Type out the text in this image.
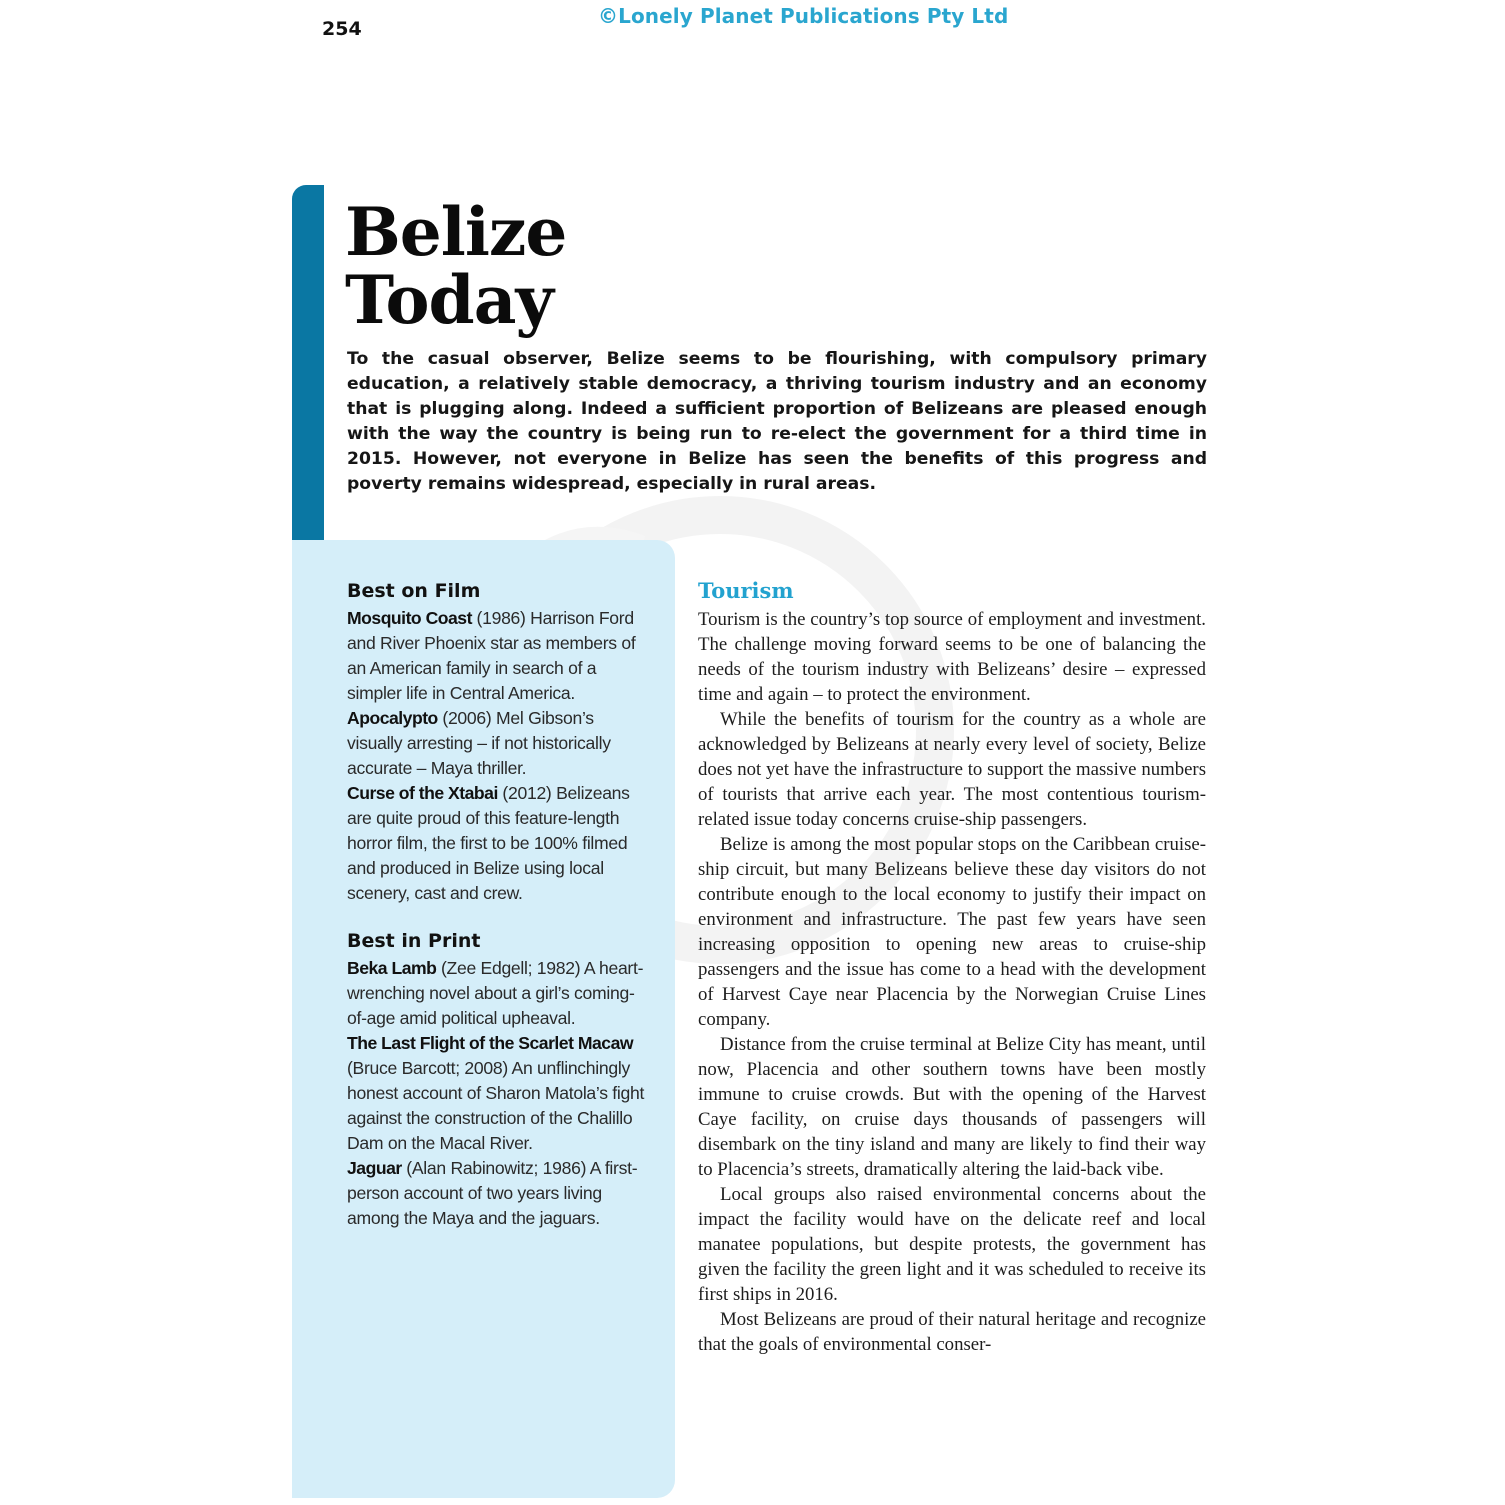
254
©Lonely Planet Publications Pty Ltd
Belize
Today

To the casual observer, Belize seems to be flourishing, with compulsory primary education, a relatively stable democracy, a thriving tourism industry and an economy that is plugging along. Indeed a sufficient proportion of Belizeans are pleased enough with the way the country is being run to re-elect the government for a third time in 2015. However, not everyone in Belize has seen the benefits of this progress and poverty remains widespread, especially in rural areas.

Best on Film

Mosquito Coast (1986) Harrison Ford and River Phoenix star as members of an American family in search of a simpler life in Central America.

Apocalypto (2006) Mel Gibson’s visually arresting – if not historically accurate – Maya thriller.

Curse of the Xtabai (2012) Belizeans are quite proud of this feature-length horror film, the first to be 100% filmed and produced in Belize using local scenery, cast and crew.

Best in Print

Beka Lamb (Zee Edgell; 1982) A heart-wrenching novel about a girl’s coming-of-age amid political upheaval.

The Last Flight of the Scarlet Macaw (Bruce Barcott; 2008) An unflinchingly honest account of Sharon Matola’s fight against the construction of the Chalillo Dam on the Macal River.

Jaguar (Alan Rabinowitz; 1986) A first-person account of two years living among the Maya and the jaguars.

Tourism

Tourism is the country’s top source of employment and investment. The challenge moving forward seems to be one of balancing the needs of the tourism industry with Belizeans’ desire – expressed time and again – to protect the environment.

While the benefits of tourism for the country as a whole are acknowledged by Belizeans at nearly every level of society, Belize does not yet have the infrastructure to support the massive numbers of tourists that arrive each year. The most contentious tourism-related issue today concerns cruise-ship passengers.

Belize is among the most popular stops on the Caribbean cruise-ship circuit, but many Belizeans believe these day visitors do not contribute enough to the local economy to justify their impact on environment and infrastructure. The past few years have seen increasing opposition to opening new areas to cruise-ship passengers and the issue has come to a head with the development of Harvest Caye near Placencia by the Norwegian Cruise Lines company.

Distance from the cruise terminal at Belize City has meant, until now, Placencia and other southern towns have been mostly immune to cruise crowds. But with the opening of the Harvest Caye facility, on cruise days thousands of passengers will disembark on the tiny island and many are likely to find their way to Placencia’s streets, dramatically altering the laid-back vibe.

Local groups also raised environmental concerns about the impact the facility would have on the delicate reef and local manatee populations, but despite protests, the government has given the facility the green light and it was scheduled to receive its first ships in 2016.

Most Belizeans are proud of their natural heritage and recognize that the goals of environmental conser-
